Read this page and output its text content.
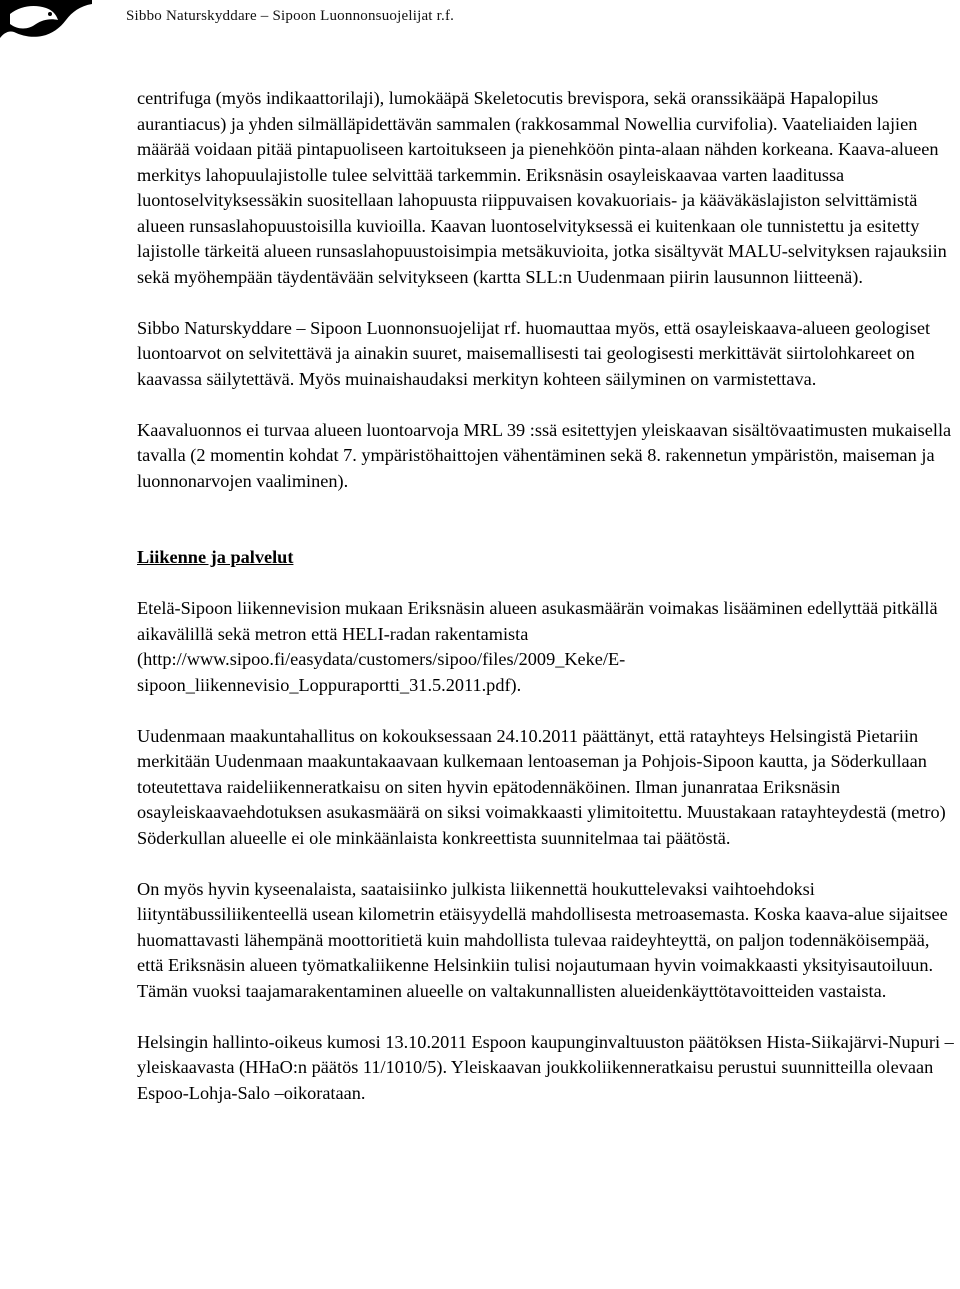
Sibbo Naturskyddare – Sipoon Luonnonsuojelijat r.f.

centrifuga (myös indikaattorilaji), lumokääpä Skeletocutis brevispora, sekä oranssikääpä Hapalopilus aurantiacus) ja yhden silmälläpidettävän sammalen (rakkosammal Nowellia curvifolia). Vaateliaiden lajien määrää voidaan pitää pintapuoliseen kartoitukseen ja pienehköön pinta-alaan nähden korkeana. Kaava-alueen merkitys lahopuulajistolle tulee selvittää tarkemmin. Eriksnäsin osayleiskaavaa varten laaditussa luontoselvityksessäkin suositellaan lahopuusta riippuvaisen kovakuoriais- ja kääväkäslajiston selvittämistä alueen runsaslahopuustoisilla kuvioilla. Kaavan luontoselvityksessä ei kuitenkaan ole tunnistettu ja esitetty lajistolle tärkeitä alueen runsaslahopuustoisimpia metsäkuvioita, jotka sisältyvät MALU-selvityksen rajauksiin sekä myöhempään täydentävään selvitykseen (kartta SLL:n Uudenmaan piirin lausunnon liitteenä).

Sibbo Naturskyddare – Sipoon Luonnonsuojelijat rf. huomauttaa myös, että osayleiskaava-alueen geologiset luontoarvot on selvitettävä ja ainakin suuret, maisemallisesti tai geologisesti merkittävät siirtolohkareet on kaavassa säilytettävä. Myös muinaishaudaksi merkityn kohteen säilyminen on varmistettava.

Kaavaluonnos ei turvaa alueen luontoarvoja MRL 39 :ssä esitettyjen yleiskaavan sisältövaatimusten mukaisella tavalla (2 momentin kohdat 7. ympäristöhaittojen vähentäminen sekä 8. rakennetun ympäristön, maiseman ja luonnonarvojen vaaliminen).

Liikenne ja palvelut

Etelä-Sipoon liikennevision mukaan Eriksnäsin alueen asukasmäärän voimakas lisääminen edellyttää pitkällä aikavälillä sekä metron että HELI-radan rakentamista (http://www.sipoo.fi/easydata/customers/sipoo/files/2009_Keke/E-sipoon_liikennevisio_Loppuraportti_31.5.2011.pdf).

Uudenmaan maakuntahallitus on kokouksessaan 24.10.2011 päättänyt, että ratayhteys Helsingistä Pietariin merkitään Uudenmaan maakuntakaavaan kulkemaan lentoaseman ja Pohjois-Sipoon kautta, ja Söderkullaan toteutettava raideliikenneratkaisu on siten hyvin epätodennäköinen. Ilman junanrataa Eriksnäsin osayleiskaavaehdotuksen asukasmäärä on siksi voimakkaasti ylimitoitettu. Muustakaan ratayhteydestä (metro) Söderkullan alueelle ei ole minkäänlaista konkreettista suunnitelmaa tai päätöstä.

On myös hyvin kyseenalaista, saataisiinko julkista liikennettä houkuttelevaksi vaihtoehdoksi liityntäbussiliikenteellä usean kilometrin etäisyydellä mahdollisesta metroasemasta. Koska kaava-alue sijaitsee huomattavasti lähempänä moottoritietä kuin mahdollista tulevaa raideyhteyttä, on paljon todennäköisempää, että Eriksnäsin alueen työmatkaliikenne Helsinkiin tulisi nojautumaan hyvin voimakkaasti yksityisautoiluun. Tämän vuoksi taajamarakentaminen alueelle on valtakunnallisten alueidenkäyttötavoitteiden vastaista.

Helsingin hallinto-oikeus kumosi 13.10.2011 Espoon kaupunginvaltuuston päätöksen Hista-Siikajärvi-Nupuri –yleiskaavasta (HHaO:n päätös 11/1010/5). Yleiskaavan joukkoliikenneratkaisu perustui suunnitteilla olevaan Espoo-Lohja-Salo –oikorataan.
